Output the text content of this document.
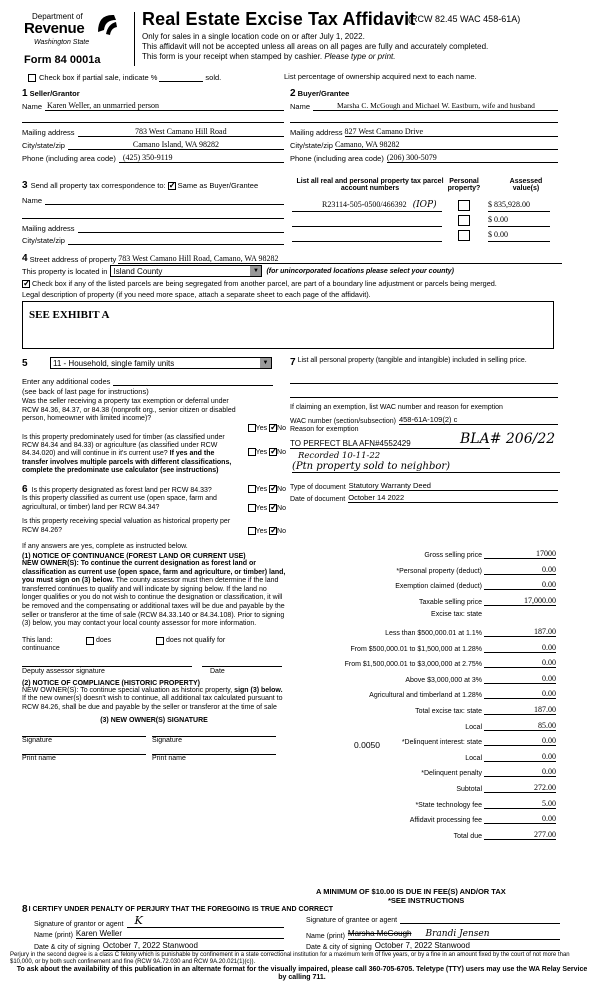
Department of
Revenue
Washington State
Form 84 0001a
Real Estate Excise Tax Affidavit
(RCW 82.45 WAC 458-61A)
Only for sales in a single location code on or after July 1, 2022.
This affidavit will not be accepted unless all areas on all pages are fully and accurately completed.
This form is your receipt when stamped by cashier. Please type or print.
Check box if partial sale, indicate %	sold.	List percentage of ownership acquired next to each name.
1 Seller/Grantor
Name Karen Weller, an unmarried person
Mailing address	783 West Camano Hill Road
City/state/zip	Camano Island, WA 98282
Phone (including area code) (425) 350-9119
2 Buyer/Grantee
Name	Marsha C. McGough and Michael W. Eastburn, wife and husband
Mailing address 827 West Camano Drive
City/state/zip Camano, WA 98282
Phone (including area code) (206) 300-5079
3 Send all property tax correspondence to: ✓ Same as Buyer/Grantee
Name
Mailing address
City/state/zip
List all real and personal property tax parcel account numbers
Personal property?
Assessed value(s)
R23114-505-0500/466392 (IOP)	$ 835,928.00
$ 0.00
$ 0.00
4 Street address of property 783 West Camano Hill Road, Camano, WA 98282
This property is located in Island County	▼	(for unincorporated locations please select your county)
✓
Check box if any of the listed parcels are being segregated from another parcel, are part of a boundary line adjustment or parcels being merged.
Legal description of property (if you need more space, attach a separate sheet to each page of the affidavit).
SEE EXHIBIT A
5	11 - Household, single family units	▼
Enter any additional codes
(see back of last page for instructions)
Was the seller receiving a property tax exemption or deferral under RCW 84.36, 84.37, or 84.38 (nonprofit org., senior citizen or disabled person, homeowner with limited income)?
Yes ✓ No
Is this property predominately used for timber (as classified under RCW 84.34 and 84.33) or agriculture (as classified under RCW 84.34.020) and will continue in it's current use? If yes and the transfer involves multiple parcels with different classifications, complete the predominate use calculator (see instructions)
Yes ✓ No
6 Is this property designated as forest land per RCW 84.33?	Yes ✓ No
Is this property classified as current use (open space, farm and agricultural, or timber) land per RCW 84.34?	Yes ✓ No
Is this property receiving special valuation as historical property per RCW 84.26?	Yes ✓ No
If any answers are yes, complete as instructed below.
(1) NOTICE OF CONTINUANCE (FOREST LAND OR CURRENT USE)
NEW OWNER(S): To continue the current designation as forest land or classification as current use (open space, farm and agriculture, or timber) land, you must sign on (3) below. The county assessor must then determine if the land transferred continues to qualify and will indicate by signing below. If the land no longer qualifies or you do not wish to continue the designation or classification, it will be removed and the compensating or additional taxes will be due and payable by the seller or transferor at the time of sale (RCW 84.33.140 or 84.34.108). Prior to signing (3) below, you may contact your local county assessor for more information.
This land:	does	does not qualify for
continuance
Deputy assessor signature	Date
(2) NOTICE OF COMPLIANCE (HISTORIC PROPERTY)
NEW OWNER(S): To continue special valuation as historic property, sign (3) below. If the new owner(s) doesn't wish to continue, all additional tax calculated pursuant to RCW 84.26, shall be due and payable by the seller or transferor at the time of sale
(3) NEW OWNER(S) SIGNATURE
Signature	Signature
Print name	Print name
7 List all personal property (tangible and intangible) included in selling price.
If claiming an exemption, list WAC number and reason for exemption
WAC number (section/subsection) 458-61A-109(2) c
Reason for exemption
TO PERFECT BLA AFN#4552429	BLA# 206/22
Recorded 10-11-22
(Ptn property sold to neighbor)
Type of document Statutory Warranty Deed
Date of document October 14 2022
Gross selling price	17000
*Personal property (deduct)	0.00
Exemption claimed (deduct)	0.00
Taxable selling price	17,000.00
Excise tax: state
Less than $500,000.01 at 1.1%	187.00
From $500,000.01 to $1,500,000 at 1.28%	0.00
From $1,500,000.01 to $3,000,000 at 2.75%	0.00
Above $3,000,000 at 3%	0.00
Agricultural and timberland at 1.28%	0.00
Total excise tax: state	187.00
Local	85.00
*Delinquent interest: state	0.00
Local	0.00
*Delinquent penalty	0.00
Subtotal	272.00
*State technology fee	5.00
Affidavit processing fee	0.00
Total due	277.00
0.0050
A MINIMUM OF $10.00 IS DUE IN FEE(S) AND/OR TAX
*SEE INSTRUCTIONS
8 I CERTIFY UNDER PENALTY OF PERJURY THAT THE FOREGOING IS TRUE AND CORRECT
Signature of grantor or agent	K
Name (print) Karen Weller
Date & city of signing October 7, 2022 Stanwood
Signature of grantee or agent
Name (print) Marsha McGough Brandi Jensen
Date & city of signing October 7, 2022 Stanwood
Perjury in the second degree is a class C felony which is punishable by confinement in a state correctional institution for a maximum term of five years, or by a fine in an amount fixed by the court of not more than $10,000, or by both such confinement and fine (RCW 9A.72.030 and RCW 9A.20.021(1)(c)).
To ask about the availability of this publication in an alternate format for the visually impaired, please call 360-705-6705. Teletype (TTY) users may use the WA Relay Service by calling 711.
